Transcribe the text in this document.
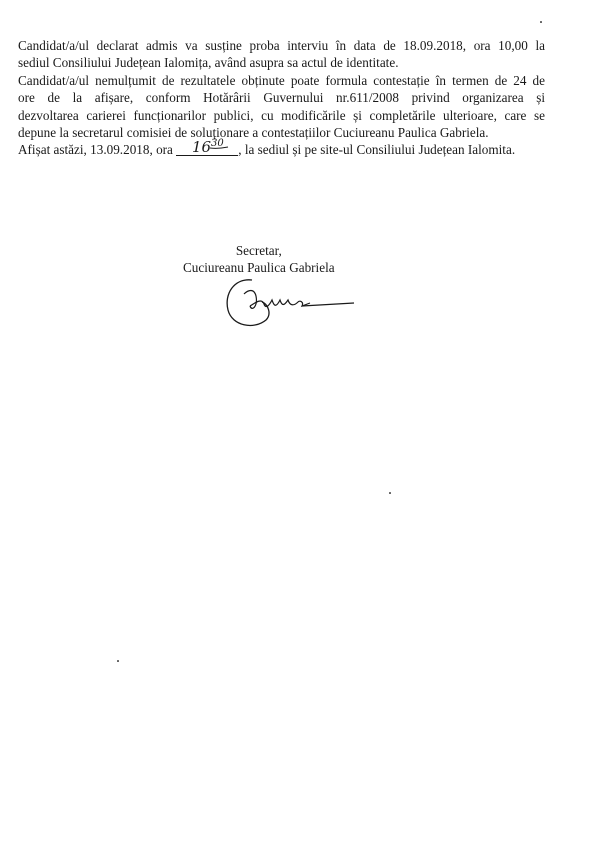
Candidat/a/ul declarat admis va susține proba interviu în data de 18.09.2018, ora 10,00 la
sediul Consiliului Județean Ialomița, având asupra sa actul de identitate.

Candidat/a/ul nemulțumit de rezultatele obținute poate formula contestație în termen de 24 de
ore de la afișare, conform Hotărârii Guvernului nr.611/2008 privind organizarea și
dezvoltarea carierei funcționarilor publici, cu modificările și completările ulterioare, care se
depune la secretarul comisiei de soluționare a contestațiilor Cuciureanu Paulica Gabriela.

Afișat astăzi, 13.09.2018, ora 16 30 , la sediul și pe site-ul Consiliului Județean Ialomita.

Secretar,
Cuciureanu Paulica Gabriela
